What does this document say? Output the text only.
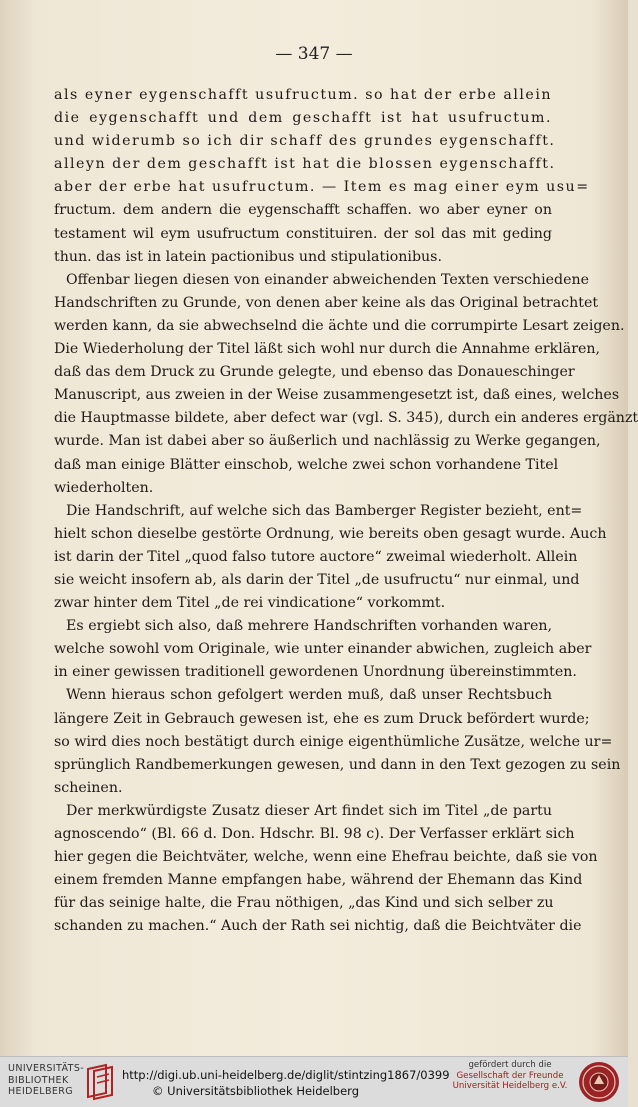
— 347 —
als eyner eygenschafft usufructum. so hat der erbe allein
die eygenschafft und dem geschafft ist hat usufructum.
und widerumb so ich dir schaff des grundes eygenschafft.
alleyn der dem geschafft ist hat die blossen eygenschafft.
aber der erbe hat usufructum. — Item es mag einer eym usu=
fructum. dem andern die eygenschafft schaffen. wo aber eyner on
testament wil eym usufructum constituiren. der sol das mit geding
thun. das ist in latein pactionibus und stipulationibus.
Offenbar liegen diesen von einander abweichenden Texten verschiedene
Handschriften zu Grunde, von denen aber keine als das Original betrachtet
werden kann, da sie abwechselnd die ächte und die corrumpirte Lesart zeigen.
Die Wiederholung der Titel läßt sich wohl nur durch die Annahme erklären,
daß das dem Druck zu Grunde gelegte, und ebenso das Donaueschinger
Manuscript, aus zweien in der Weise zusammengesetzt ist, daß eines, welches
die Hauptmasse bildete, aber defect war (vgl. S. 345), durch ein anderes ergänzt
wurde. Man ist dabei aber so äußerlich und nachlässig zu Werke gegangen,
daß man einige Blätter einschob, welche zwei schon vorhandene Titel
wiederholten.
Die Handschrift, auf welche sich das Bamberger Register bezieht, ent=
hielt schon dieselbe gestörte Ordnung, wie bereits oben gesagt wurde. Auch
ist darin der Titel „quod falso tutore auctore“ zweimal wiederholt. Allein
sie weicht insofern ab, als darin der Titel „de usufructu“ nur einmal, und
zwar hinter dem Titel „de rei vindicatione“ vorkommt.
Es ergiebt sich also, daß mehrere Handschriften vorhanden waren,
welche sowohl vom Originale, wie unter einander abwichen, zugleich aber
in einer gewissen traditionell gewordenen Unordnung übereinstimmten.
Wenn hieraus schon gefolgert werden muß, daß unser Rechtsbuch
längere Zeit in Gebrauch gewesen ist, ehe es zum Druck befördert wurde;
so wird dies noch bestätigt durch einige eigenthümliche Zusätze, welche ur=
sprünglich Randbemerkungen gewesen, und dann in den Text gezogen zu sein
scheinen.
Der merkwürdigste Zusatz dieser Art findet sich im Titel „de partu
agnoscendo“ (Bl. 66 d. Don. Hdschr. Bl. 98 c). Der Verfasser erklärt sich
hier gegen die Beichtväter, welche, wenn eine Ehefrau beichte, daß sie von
einem fremden Manne empfangen habe, während der Ehemann das Kind
für das seinige halte, die Frau nöthigen, „das Kind und sich selber zu
schanden zu machen.“ Auch der Rath sei nichtig, daß die Beichtväter die
UNIVERSITÄTS-
BIBLIOTHEK
HEIDELBERG
http://digi.ub.uni-heidelberg.de/diglit/stintzing1867/0399
© Universitätsbibliothek Heidelberg
gefördert durch die
Gesellschaft der Freunde
Universität Heidelberg e.V.
